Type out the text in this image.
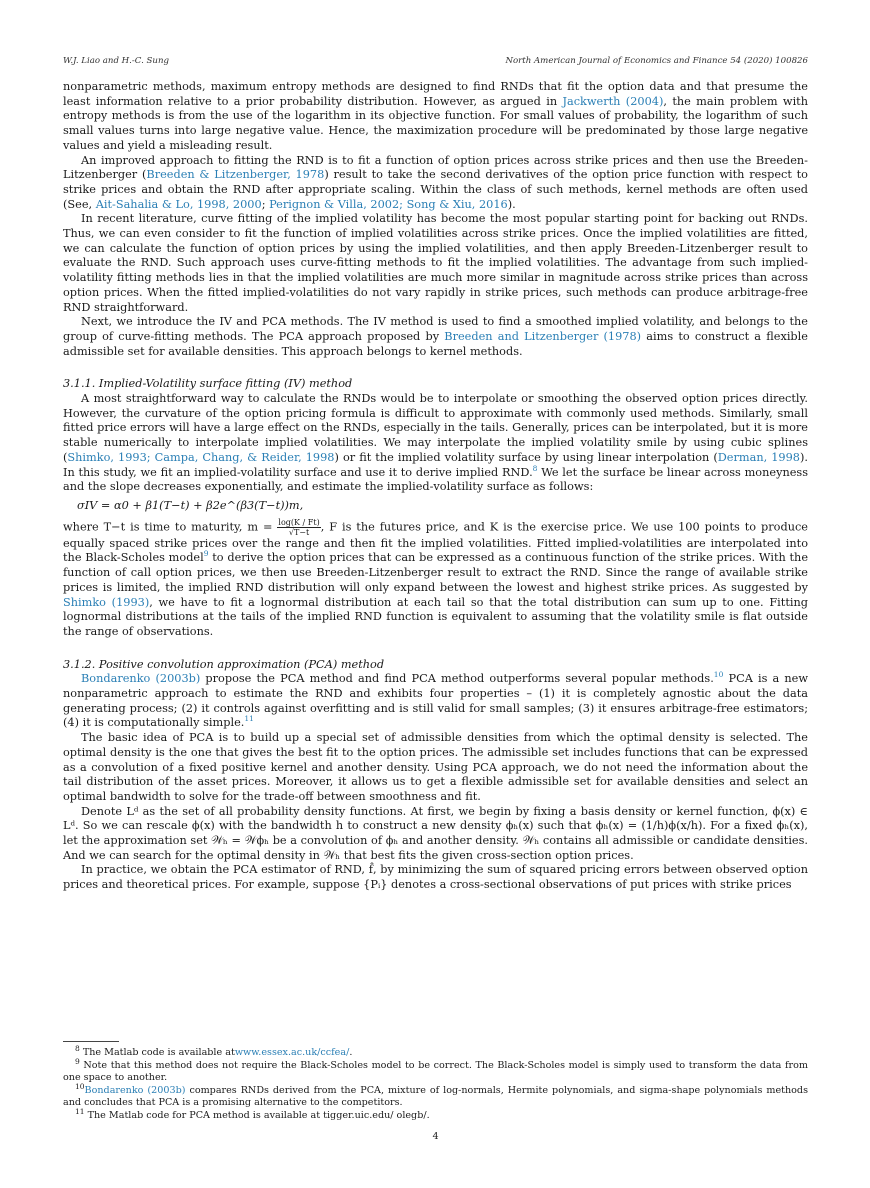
W.J. Liao and H.-C. Sung	North American Journal of Economics and Finance 54 (2020) 100826

nonparametric methods, maximum entropy methods are designed to find RNDs that fit the option data and that presume the least information relative to a prior probability distribution. However, as argued in Jackwerth (2004), the main problem with entropy methods is from the use of the logarithm in its objective function. For small values of probability, the logarithm of such small values turns into large negative value. Hence, the maximization procedure will be predominated by those large negative values and yield a misleading result.

An improved approach to fitting the RND is to fit a function of option prices across strike prices and then use the Breeden-Litzenberger (Breeden & Litzenberger, 1978) result to take the second derivatives of the option price function with respect to strike prices and obtain the RND after appropriate scaling. Within the class of such methods, kernel methods are often used (See, Ait-Sahalia & Lo, 1998, 2000; Perignon & Villa, 2002; Song & Xiu, 2016).

In recent literature, curve fitting of the implied volatility has become the most popular starting point for backing out RNDs. Thus, we can even consider to fit the function of implied volatilities across strike prices. Once the implied volatilities are fitted, we can calculate the function of option prices by using the implied volatilities, and then apply Breeden-Litzenberger result to evaluate the RND. Such approach uses curve-fitting methods to fit the implied volatilities. The advantage from such implied-volatility fitting methods lies in that the implied volatilities are much more similar in magnitude across strike prices than across option prices. When the fitted implied-volatilities do not vary rapidly in strike prices, such methods can produce arbitrage-free RND straightforward.

Next, we introduce the IV and PCA methods. The IV method is used to find a smoothed implied volatility, and belongs to the group of curve-fitting methods. The PCA approach proposed by Breeden and Litzenberger (1978) aims to construct a flexible admissible set for available densities. This approach belongs to kernel methods.

3.1.1. Implied-Volatility surface fitting (IV) method

A most straightforward way to calculate the RNDs would be to interpolate or smoothing the observed option prices directly. However, the curvature of the option pricing formula is difficult to approximate with commonly used methods. Similarly, small fitted price errors will have a large effect on the RNDs, especially in the tails. Generally, prices can be interpolated, but it is more stable numerically to interpolate implied volatilities. We may interpolate the implied volatility smile by using cubic splines (Shimko, 1993; Campa, Chang, & Reider, 1998) or fit the implied volatility surface by using linear interpolation (Derman, 1998). In this study, we fit an implied-volatility surface and use it to derive implied RND.$^8$ We let the surface be linear across moneyness and the slope decreases exponentially, and estimate the implied-volatility surface as follows:

σIV = α0 + β1(T−t) + β2e^(β3(T−t))m,

where T−t is time to maturity, $m = \frac{\log(K / Ft)}{√T-t}$ , F is the futures price, and K is the exercise price. We use 100 points to produce equally spaced strike prices over the range and then fit the implied volatilities. Fitted implied-volatilities are interpolated into the Black-Scholes model$^9$ to derive the option prices that can be expressed as a continuous function of the strike prices. With the function of call option prices, we then use Breeden-Litzenberger result to extract the RND. Since the range of available strike prices is limited, the implied RND distribution will only expand between the lowest and highest strike prices. As suggested by Shimko (1993), we have to fit a lognormal distribution at each tail so that the total distribution can sum up to one. Fitting lognormal distributions at the tails of the implied RND function is equivalent to assuming that the volatility smile is flat outside the range of observations.

3.1.2. Positive convolution approximation (PCA) method

Bondarenko (2003b) propose the PCA method and find PCA method outperforms several popular methods.$^{10}$ PCA is a new nonparametric approach to estimate the RND and exhibits four properties – (1) it is completely agnostic about the data generating process; (2) it controls against overfitting and is still valid for small samples; (3) it ensures arbitrage-free estimators; (4) it is computationally simple.$^{11}$

The basic idea of PCA is to build up a special set of admissible densities from which the optimal density is selected. The optimal density is the one that gives the best fit to the option prices. The admissible set includes functions that can be expressed as a convolution of a fixed positive kernel and another density. Using PCA approach, we do not need the information about the tail distribution of the asset prices. Moreover, it allows us to get a flexible admissible set for available densities and select an optimal bandwidth to solve for the trade-off between smoothness and fit.

Denote Lᵈ as the set of all probability density functions. At first, we begin by fixing a basis density or kernel function, ϕ(x) ∈ Lᵈ. So we can rescale ϕ(x) with the bandwidth h to construct a new density ϕₕ(x) such that ϕₕ(x) = (1/h)ϕ(x/h). For a fixed ϕₕ(x), let the approximation set 𝒲ₕ = 𝒲ϕₕ be a convolution of ϕₕ and another density. 𝒲ₕ contains all admissible or candidate densities. And we can search for the optimal density in 𝒲ₕ that best fits the given cross-section option prices.

In practice, we obtain the PCA estimator of RND, f̂, by minimizing the sum of squared pricing errors between observed option prices and theoretical prices. For example, suppose {Pᵢ} denotes a cross-sectional observations of put prices with strike prices

$^8$ The Matlab code is available atwww.essex.ac.uk/ccfea/.

$^9$ Note that this method does not require the Black-Scholes model to be correct. The Black-Scholes model is simply used to transform the data from one space to another.

$^{10}$Bondarenko (2003b) compares RNDs derived from the PCA, mixture of log-normals, Hermite polynomials, and sigma-shape polynomials methods and concludes that PCA is a promising alternative to the competitors.

$^{11}$ The Matlab code for PCA method is available at tigger.uic.edu/ olegb/.

4
